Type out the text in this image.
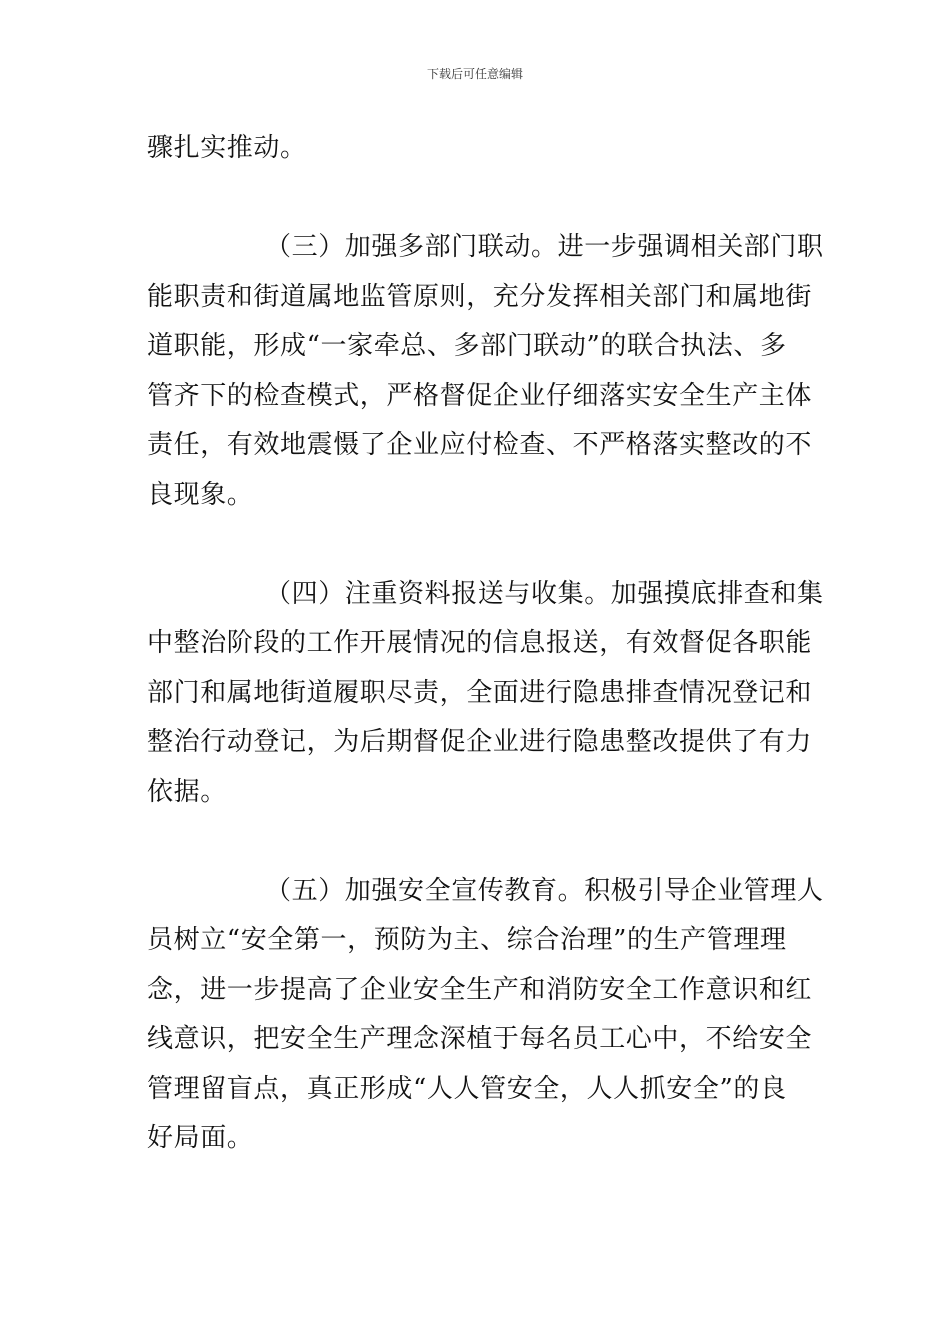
下载后可任意编辑
骤扎实推动。
（三）加强多部门联动。进一步强调相关部门职
能职责和街道属地监管原则，充分发挥相关部门和属地街
道职能，形成“一家牵总、多部门联动”的联合执法、多
管齐下的检查模式，严格督促企业仔细落实安全生产主体
责任，有效地震慑了企业应付检查、不严格落实整改的不
良现象。
（四）注重资料报送与收集。加强摸底排查和集
中整治阶段的工作开展情况的信息报送，有效督促各职能
部门和属地街道履职尽责，全面进行隐患排查情况登记和
整治行动登记，为后期督促企业进行隐患整改提供了有力
依据。
（五）加强安全宣传教育。积极引导企业管理人
员树立“安全第一，预防为主、综合治理”的生产管理理
念，进一步提高了企业安全生产和消防安全工作意识和红
线意识，把安全生产理念深植于每名员工心中，不给安全
管理留盲点，真正形成“人人管安全，人人抓安全”的良
好局面。
